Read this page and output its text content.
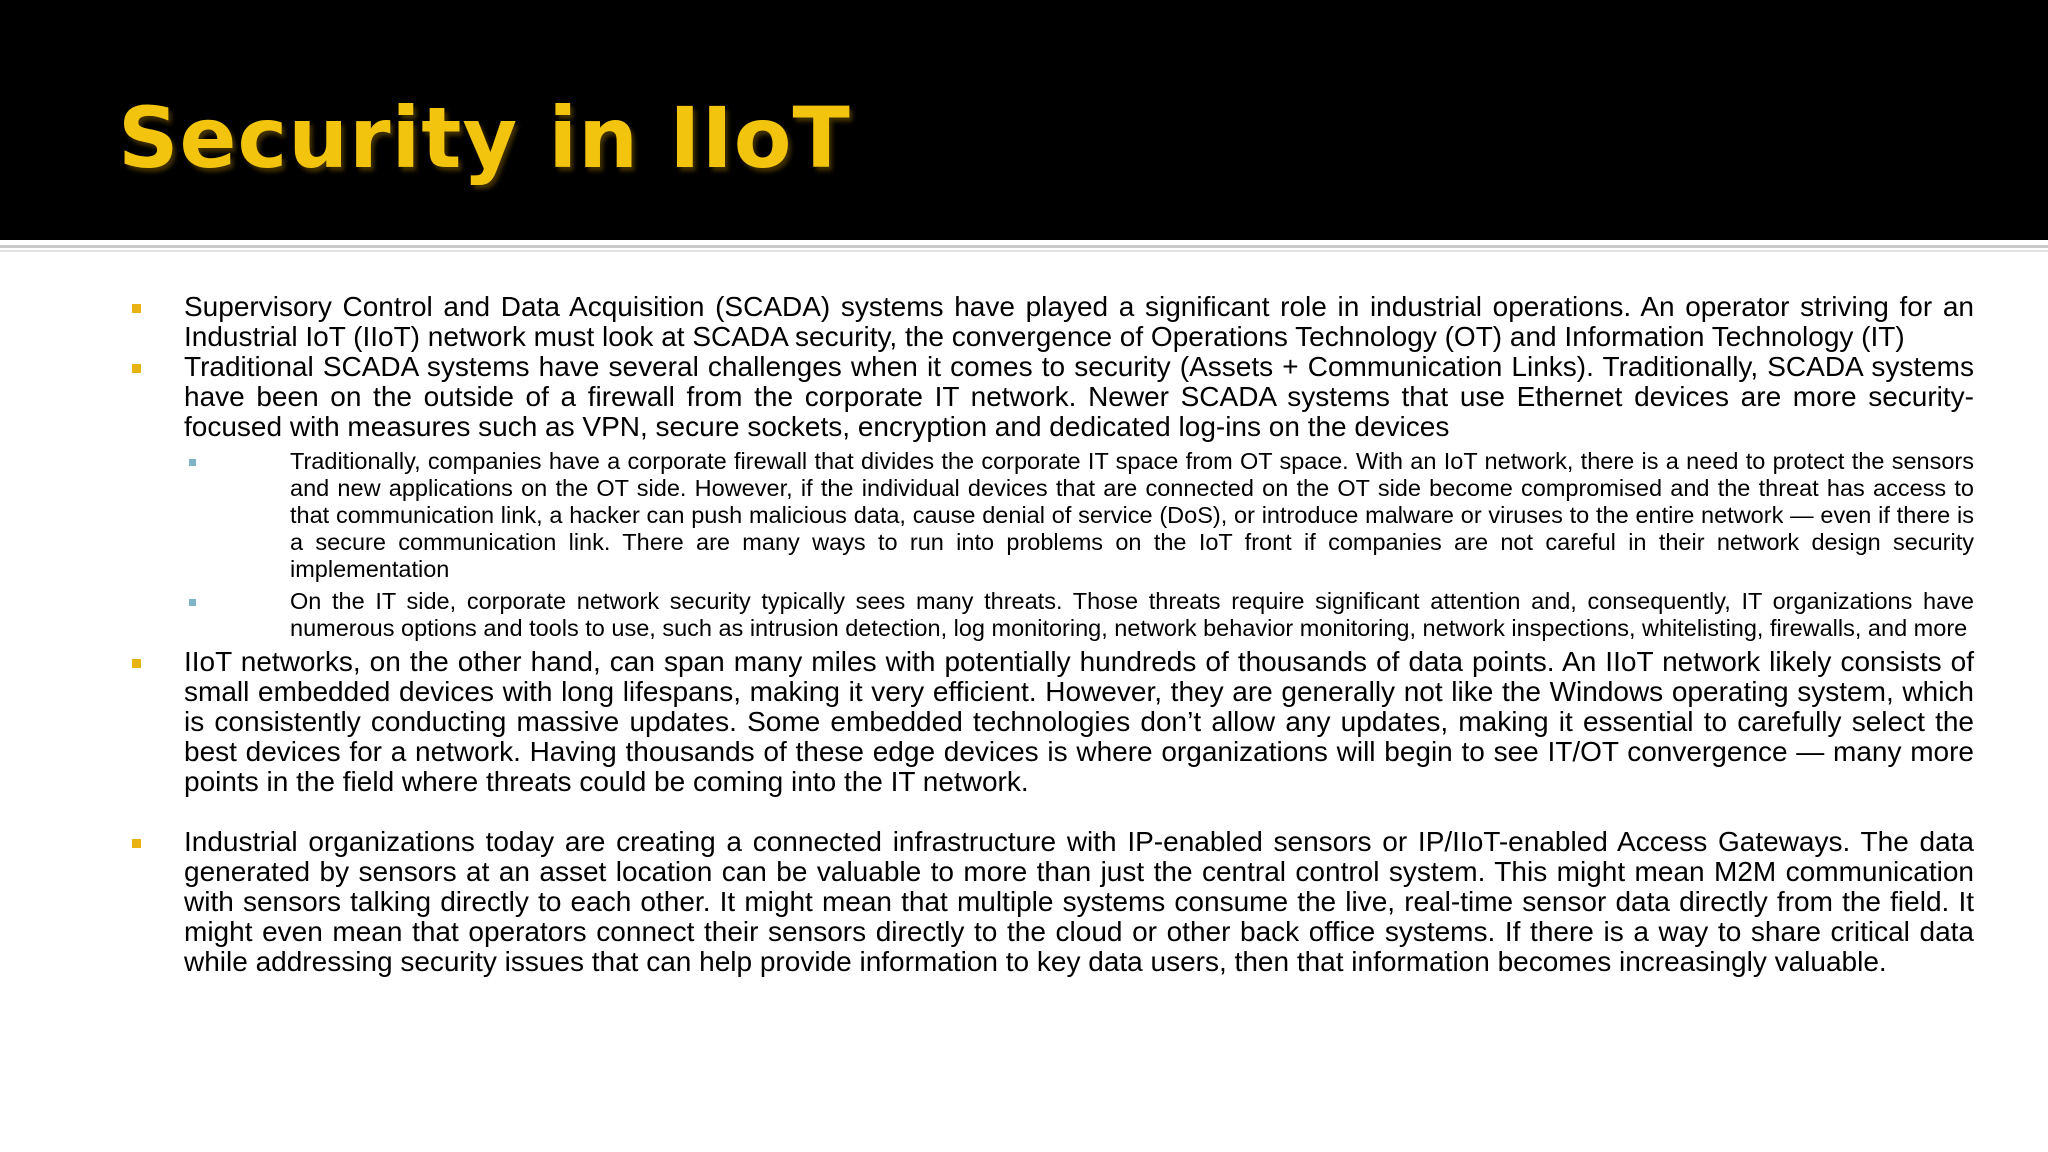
Security in IIoT
Supervisory Control and Data Acquisition (SCADA) systems have played a significant role in industrial operations. An operator striving for an Industrial IoT (IIoT) network must look at SCADA security, the convergence of Operations Technology (OT) and Information Technology (IT)
Traditional SCADA systems have several challenges when it comes to security (Assets + Communication Links). Traditionally, SCADA systems have been on the outside of a firewall from the corporate IT network. Newer SCADA systems that use Ethernet devices are more security-focused with measures such as VPN, secure sockets, encryption and dedicated log-ins on the devices
Traditionally, companies have a corporate firewall that divides the corporate IT space from OT space. With an IoT network, there is a need to protect the sensors and new applications on the OT side. However, if the individual devices that are connected on the OT side become compromised and the threat has access to that communication link, a hacker can push malicious data, cause denial of service (DoS), or introduce malware or viruses to the entire network — even if there is a secure communication link. There are many ways to run into problems on the IoT front if companies are not careful in their network design security implementation
On the IT side, corporate network security typically sees many threats. Those threats require significant attention and, consequently, IT organizations have numerous options and tools to use, such as intrusion detection, log monitoring, network behavior monitoring, network inspections, whitelisting, firewalls, and more
IIoT networks, on the other hand, can span many miles with potentially hundreds of thousands of data points. An IIoT network likely consists of small embedded devices with long lifespans, making it very efficient. However, they are generally not like the Windows operating system, which is consistently conducting massive updates. Some embedded technologies don’t allow any updates, making it essential to carefully select the best devices for a network. Having thousands of these edge devices is where organizations will begin to see IT/OT convergence — many more points in the field where threats could be coming into the IT network.
Industrial organizations today are creating a connected infrastructure with IP-enabled sensors or IP/IIoT-enabled Access Gateways. The data generated by sensors at an asset location can be valuable to more than just the central control system. This might mean M2M communication with sensors talking directly to each other. It might mean that multiple systems consume the live, real-time sensor data directly from the field. It might even mean that operators connect their sensors directly to the cloud or other back office systems. If there is a way to share critical data while addressing security issues that can help provide information to key data users, then that information becomes increasingly valuable.
